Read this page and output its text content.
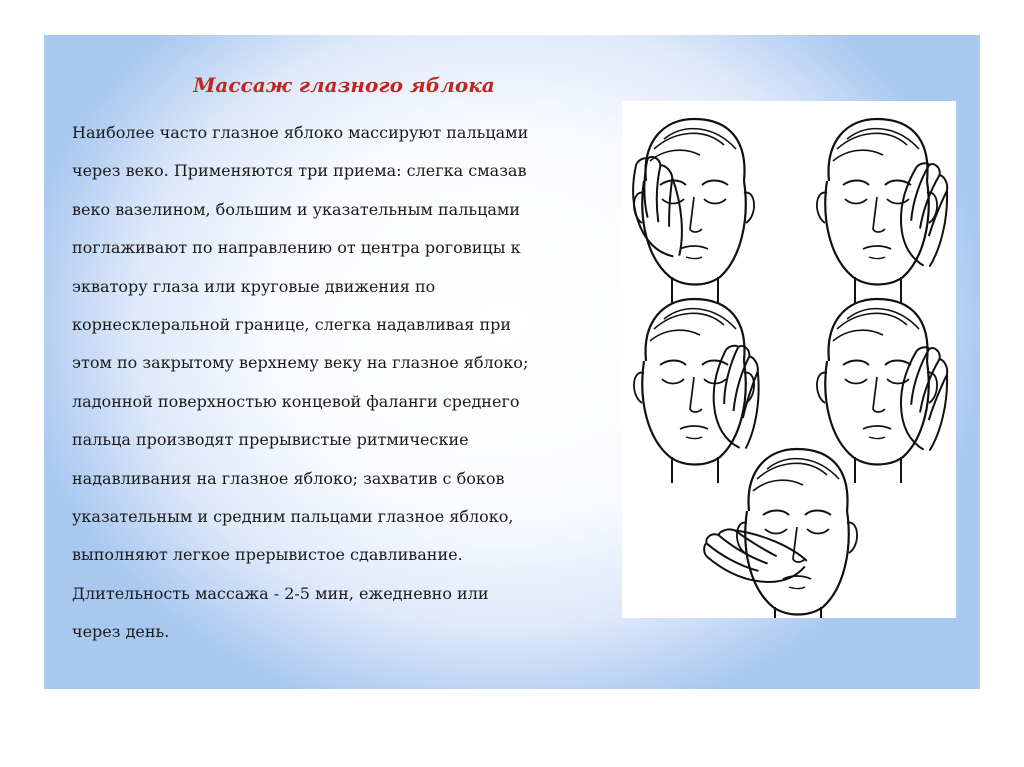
Массаж глазного яблока
Наиболее часто глазное яблоко массируют пальцами
через веко. Применяются три приема: слегка смазав
веко вазелином, большим и указательным пальцами
поглаживают по направлению от центра роговицы к
экватору глаза или круговые движения по
корнесклеральной границе, слегка надавливая при
этом по закрытому верхнему веку на глазное яблоко;
ладонной поверхностью концевой фаланги среднего
пальца производят прерывистые ритмические
надавливания на глазное яблоко; захватив с боков
указательным и средним пальцами глазное яблоко,
выполняют легкое прерывистое сдавливание.
Длительность массажа - 2-5 мин, ежедневно или
через день.
